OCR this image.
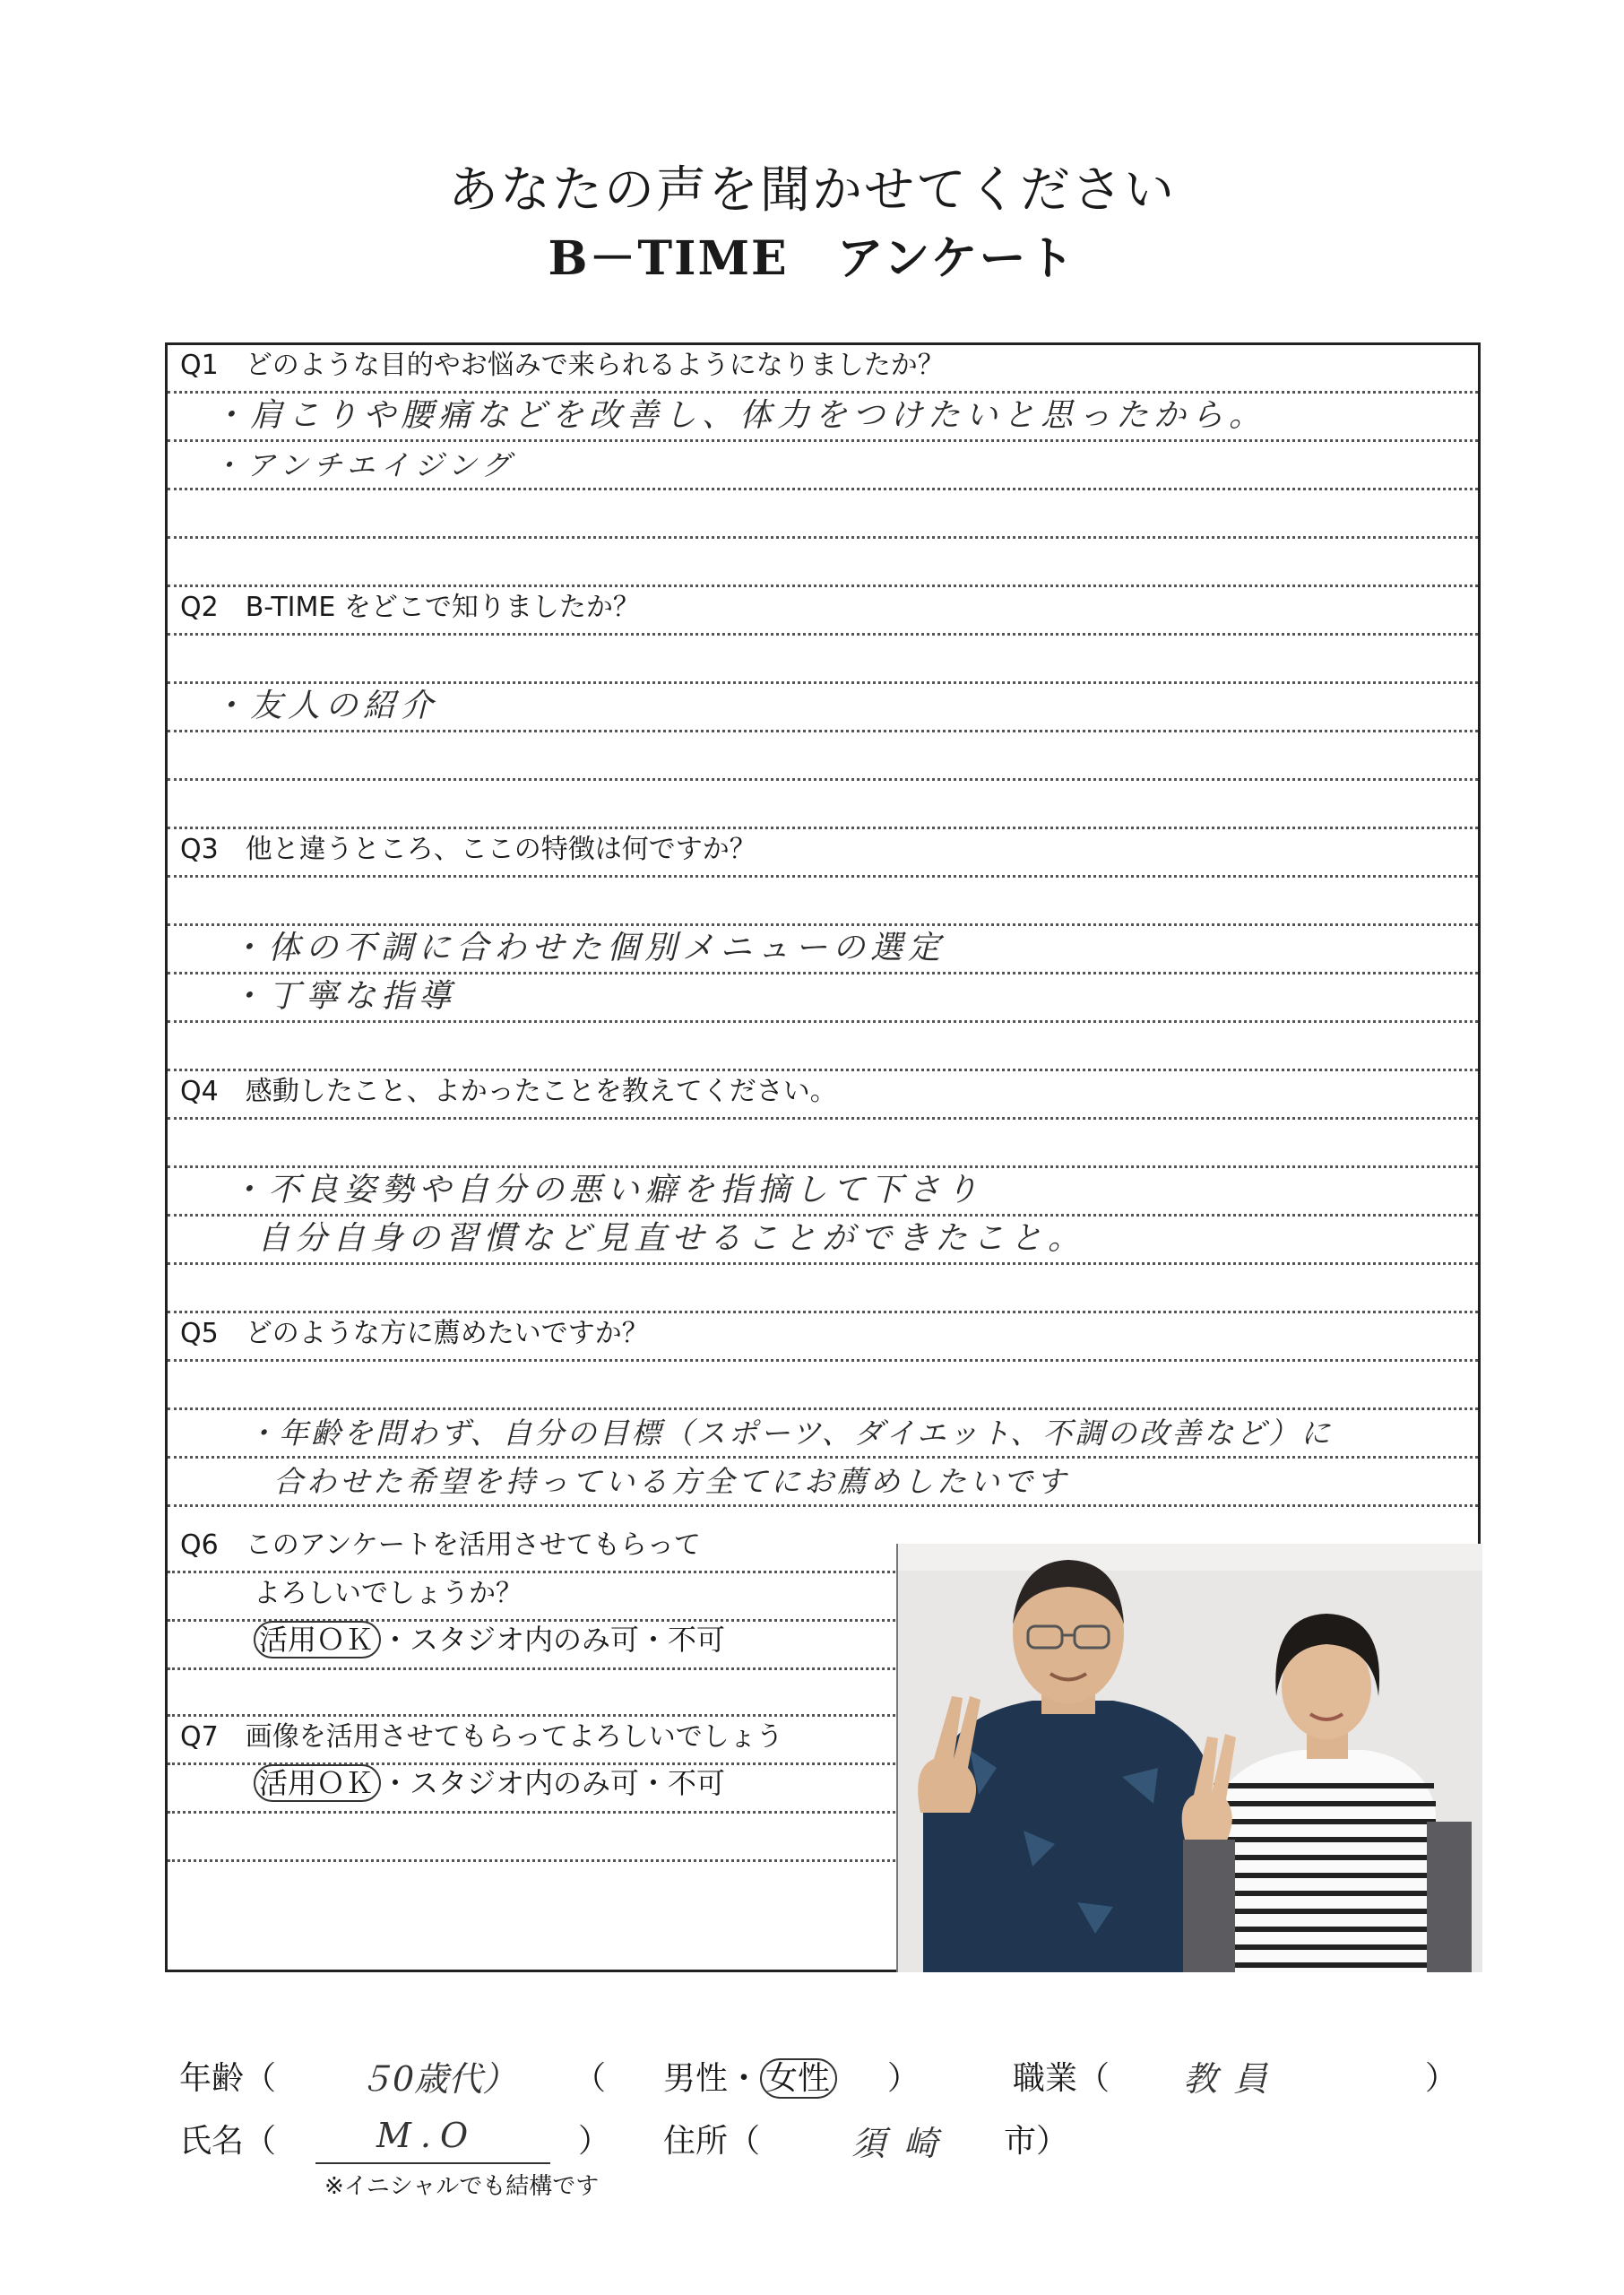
あなたの声を聞かせてください
B－TIME　アンケート
Q1　どのような目的やお悩みで来られるようになりましたか？
・肩こりや腰痛などを改善し、体力をつけたいと思ったから。
・アンチエイジング
Q2　B-TIME をどこで知りましたか？
・友人の紹介
Q3　他と違うところ、ここの特徴は何ですか？
・体の不調に合わせた個別メニューの選定
・丁寧な指導
Q4　感動したこと、よかったことを教えてください。
・不良姿勢や自分の悪い癖を指摘して下さり
自分自身の習慣など見直せることができたこと。
Q5　どのような方に薦めたいですか？
・年齢を問わず、自分の目標（スポーツ、ダイエット、不調の改善など）に
合わせた希望を持っている方全てにお薦めしたいです
Q6　このアンケートを活用させてもらって
よろしいでしょうか？
活用ＯＫ ・スタジオ内のみ可・不可
Q7　画像を活用させてもらってよろしいでしょう
活用ＯＫ ・スタジオ内のみ可・不可
年齢（ ５0歳代） （ 男性・ 女性 ）	職業（ 教員	）
氏名（	M.O	）
※イニシャルでも結構です
住所（	須崎 市）
